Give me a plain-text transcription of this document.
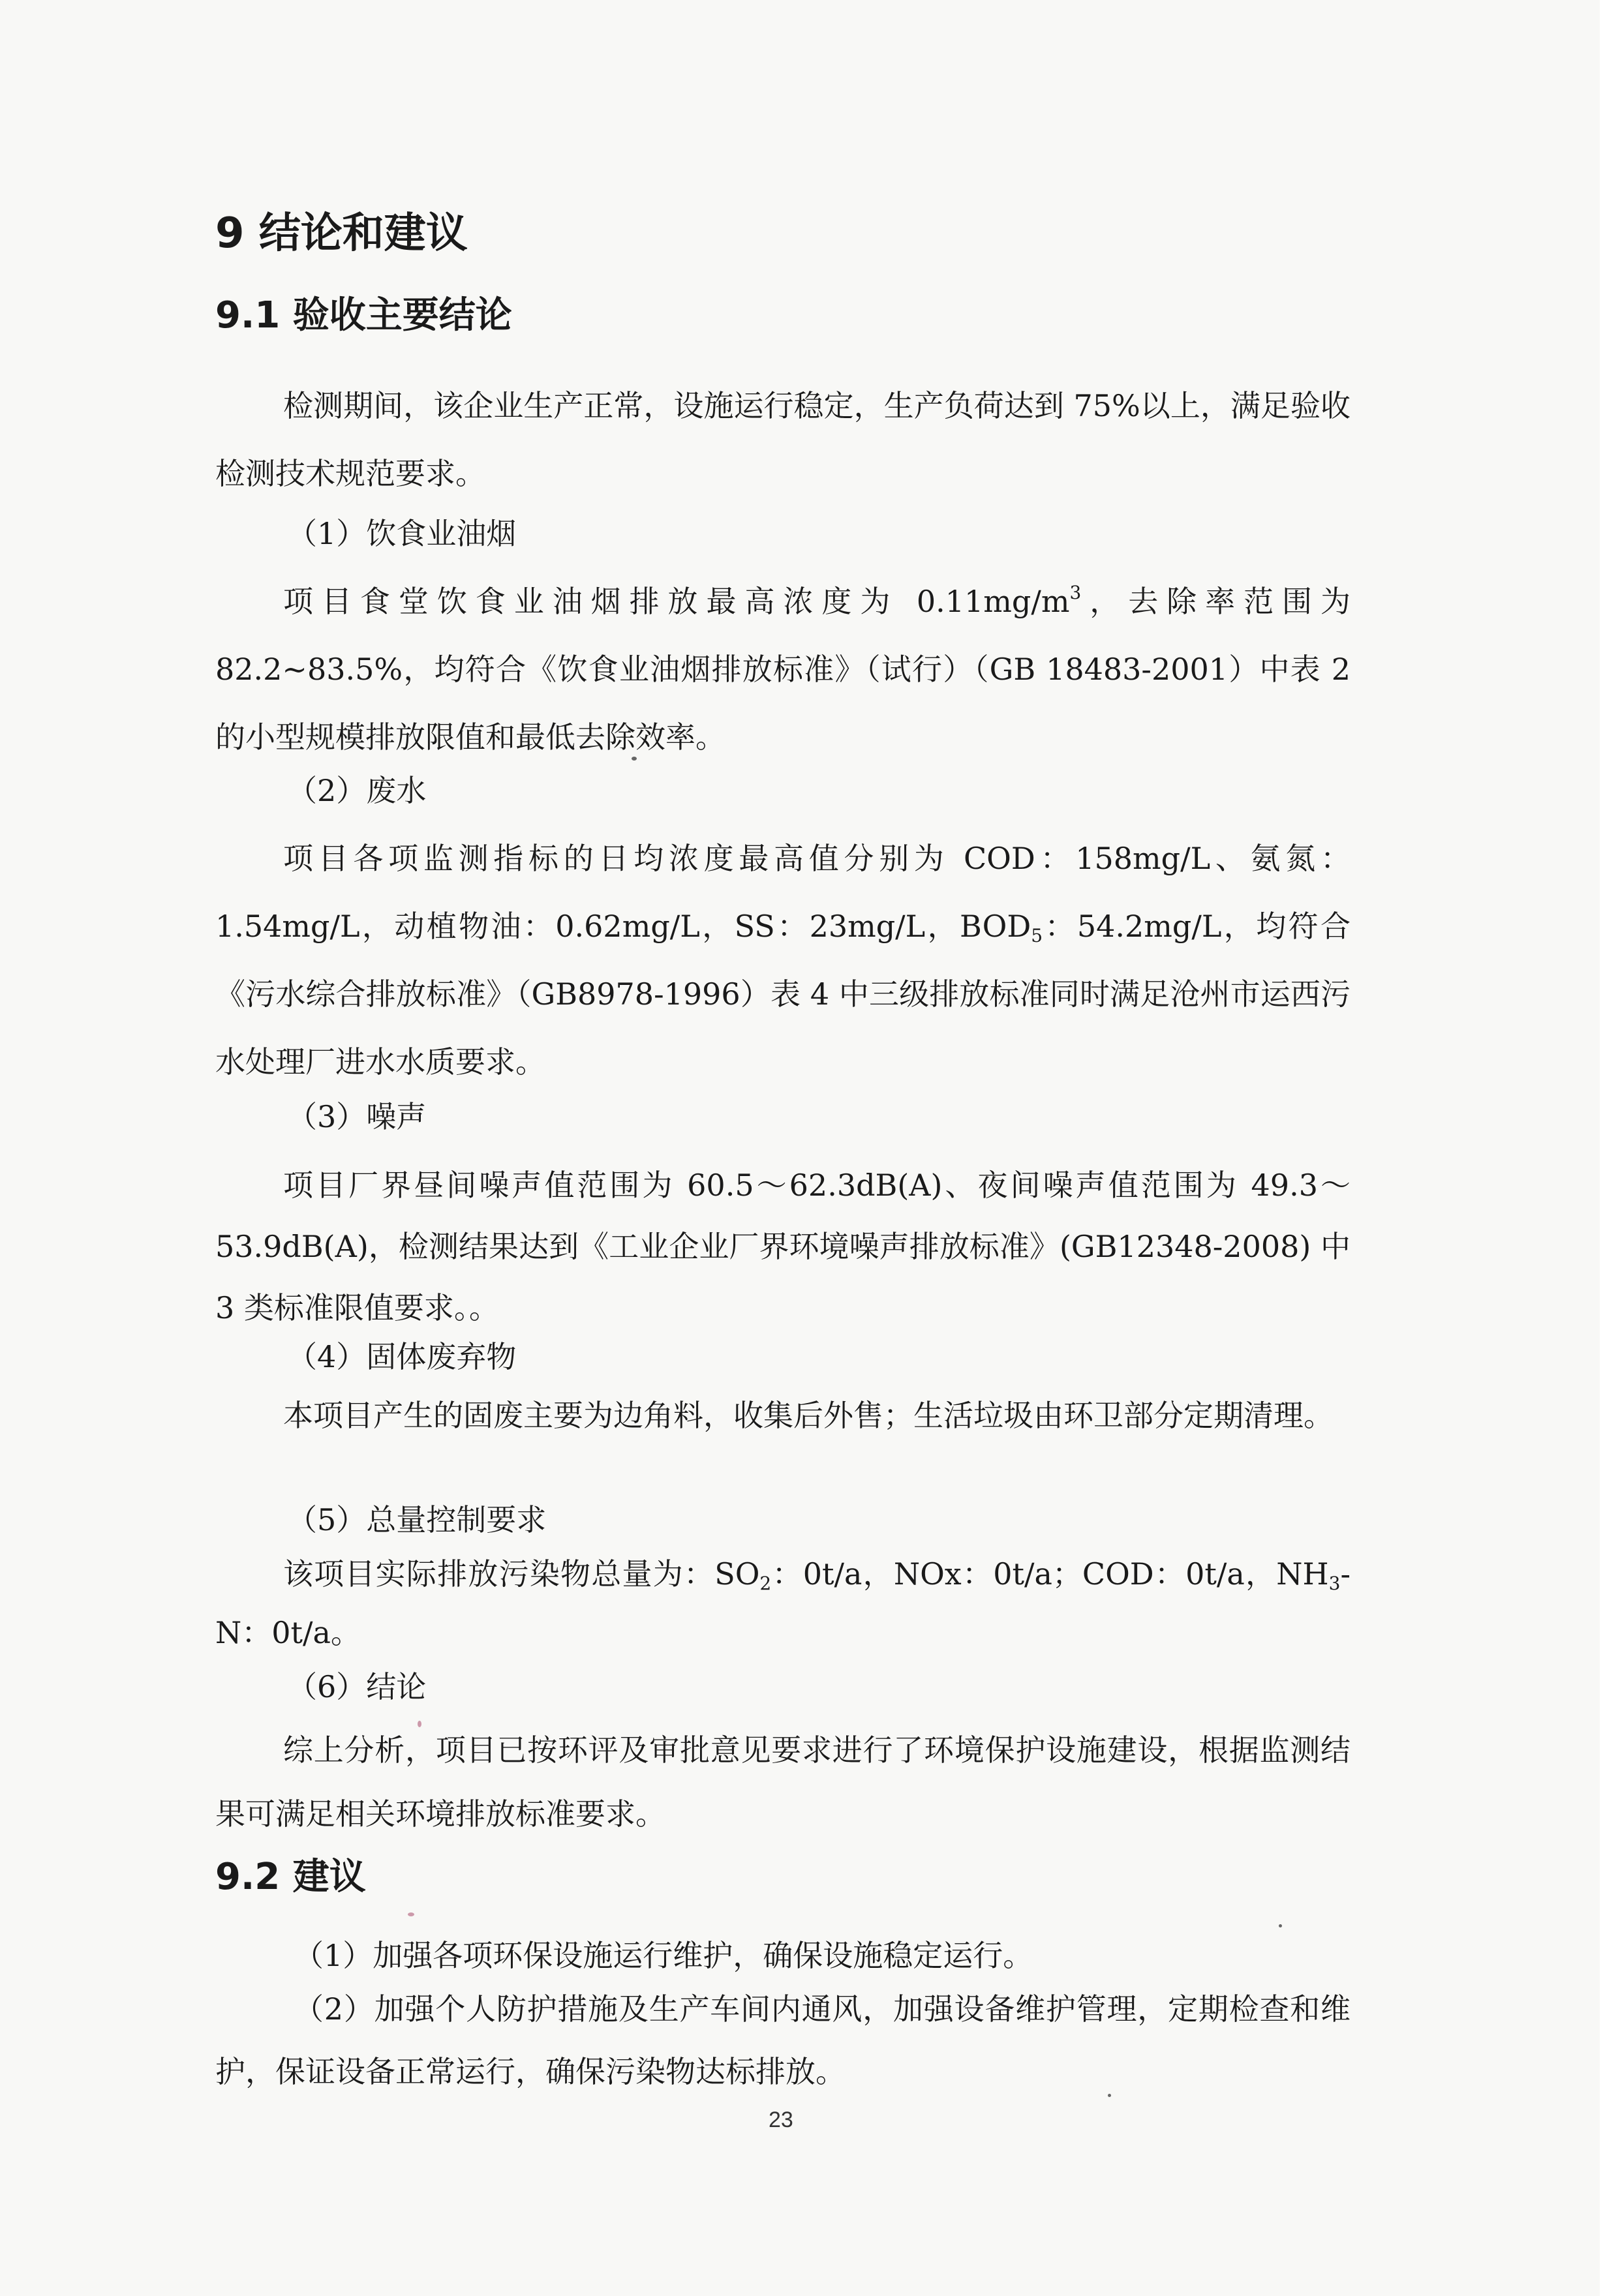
9 结论和建议
9.1 验收主要结论
检测期间，该企业生产正常，设施运行稳定，生产负荷达到 75%以上，满足验收检测技术规范要求。
（1）饮食业油烟
项目食堂饮食业油烟排放最高浓度为 $0.11mg/m^3$，去除率范围为 82.2~83.5%，均符合《饮食业油烟排放标准》（试行）（GB 18483-2001）中表 2 的小型规模排放限值和最低去除效率。
（2）废水
项目各项监测指标的日均浓度最高值分别为 COD：158mg/L、氨氮：1.54mg/L，动植物油：0.62mg/L，SS：23mg/L，$BOD_5$：54.2mg/L，均符合《污水综合排放标准》（GB8978-1996）表 4 中三级排放标准同时满足沧州市运西污水处理厂进水水质要求。
（3）噪声
项目厂界昼间噪声值范围为 60.5～62.3dB(A)、夜间噪声值范围为 49.3～53.9dB(A)，检测结果达到《工业企业厂界环境噪声排放标准》(GB12348-2008) 中 3 类标准限值要求。。
（4）固体废弃物
本项目产生的固废主要为边角料，收集后外售；生活垃圾由环卫部分定期清理。
（5）总量控制要求
该项目实际排放污染物总量为：$SO_2$：0t/a，NOx：0t/a；COD：0t/a，$NH_3-N$：0t/a。
（6）结论
综上分析，项目已按环评及审批意见要求进行了环境保护设施建设，根据监测结果可满足相关环境排放标准要求。
9.2 建议
（1）加强各项环保设施运行维护，确保设施稳定运行。
（2）加强个人防护措施及生产车间内通风，加强设备维护管理，定期检查和维护，保证设备正常运行，确保污染物达标排放。
23
